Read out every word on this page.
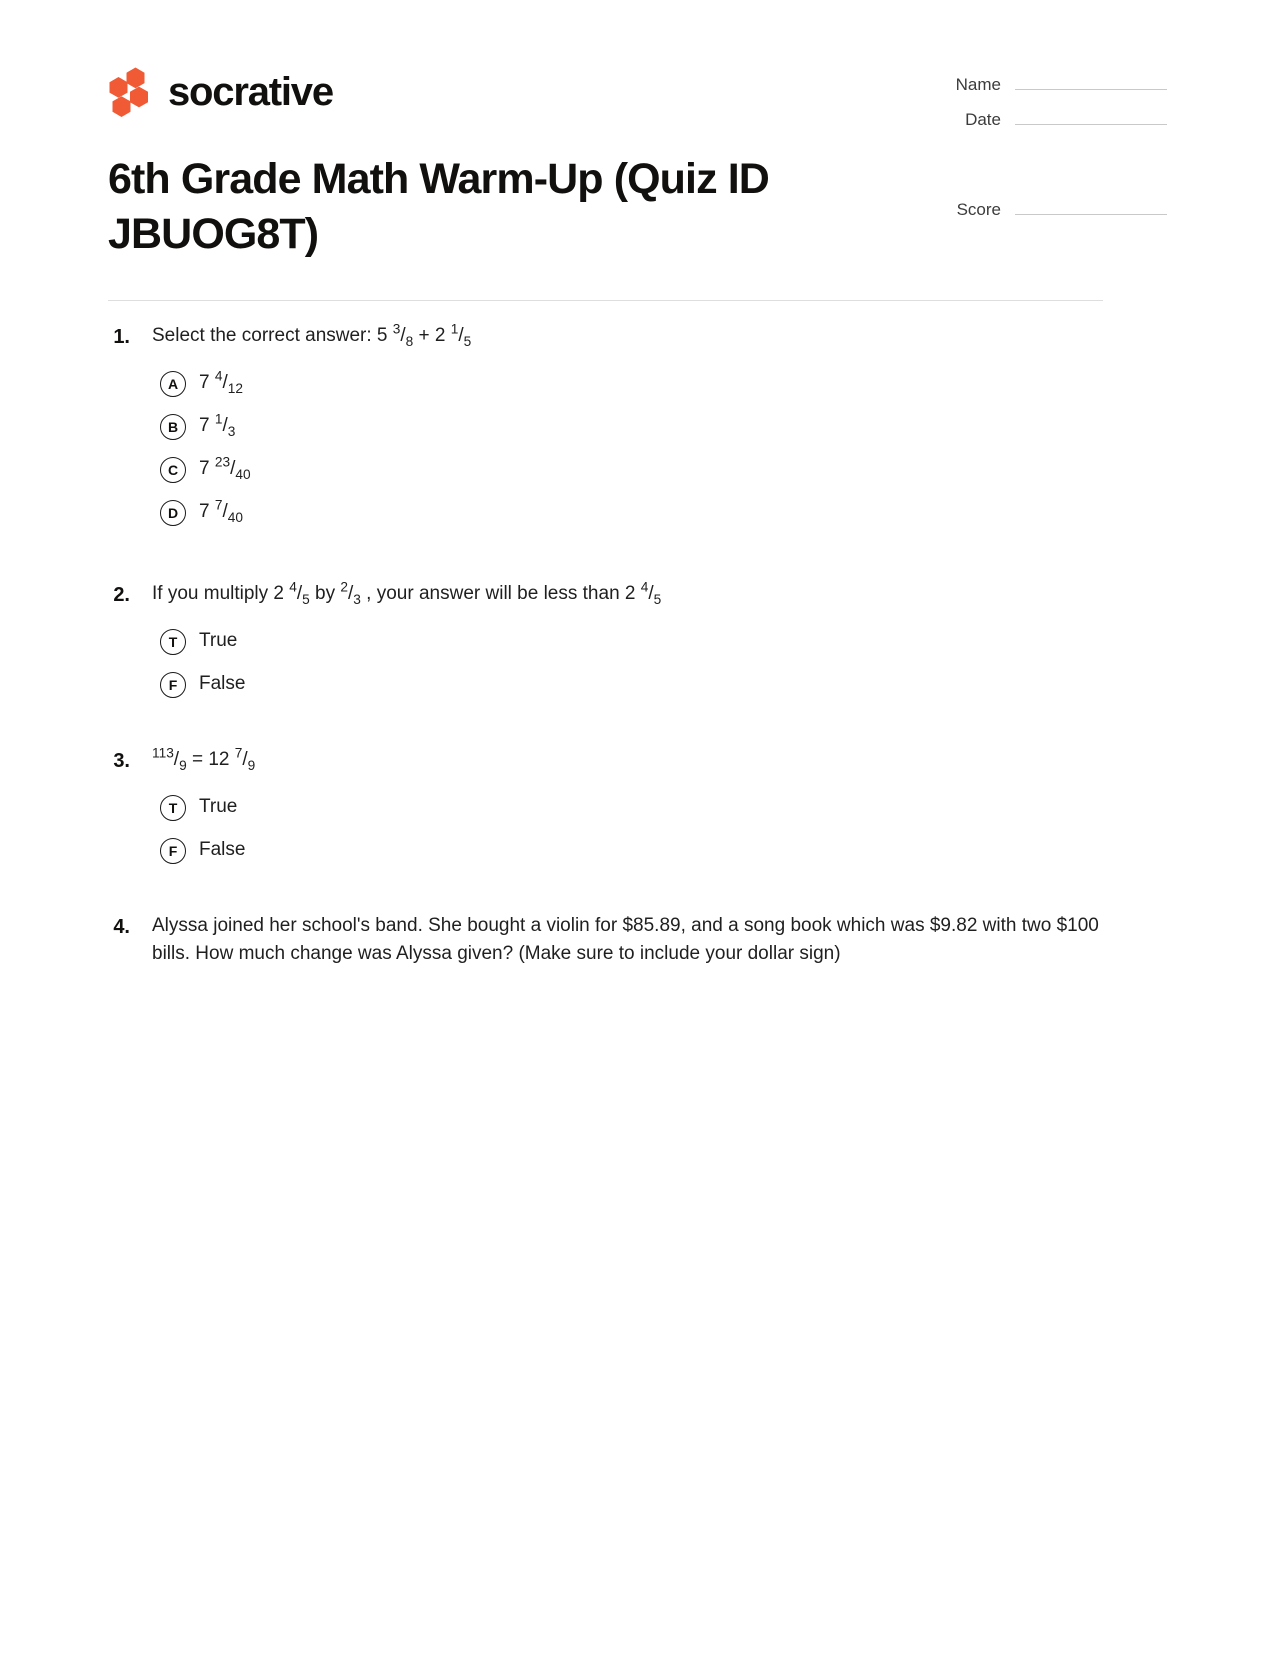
socrative	Name
Date
6th Grade Math Warm-Up (Quiz ID JBUOG8T)
Score
1.	Select the correct answer: 5 $^3/_8 + 2$ $^1/_5$
A	7 $^4/_{12}$
B	7 $^1/_3$
C	7 $^{23}/_{40}$
D	7 $^7/_{40}$
2.	If you multiply 2 $^4/_5$ by $^2/_3$ , your answer will be less than 2 $^4/_5$
T	True
F	False
3.	$^{113}/_9 = 12$ $^7/_9$
T	True
F	False
4.	Alyssa joined her school's band. She bought a violin for $85.89, and a song book which was $9.82 with two $100 bills. How much change was Alyssa given? (Make sure to include your dollar sign)
